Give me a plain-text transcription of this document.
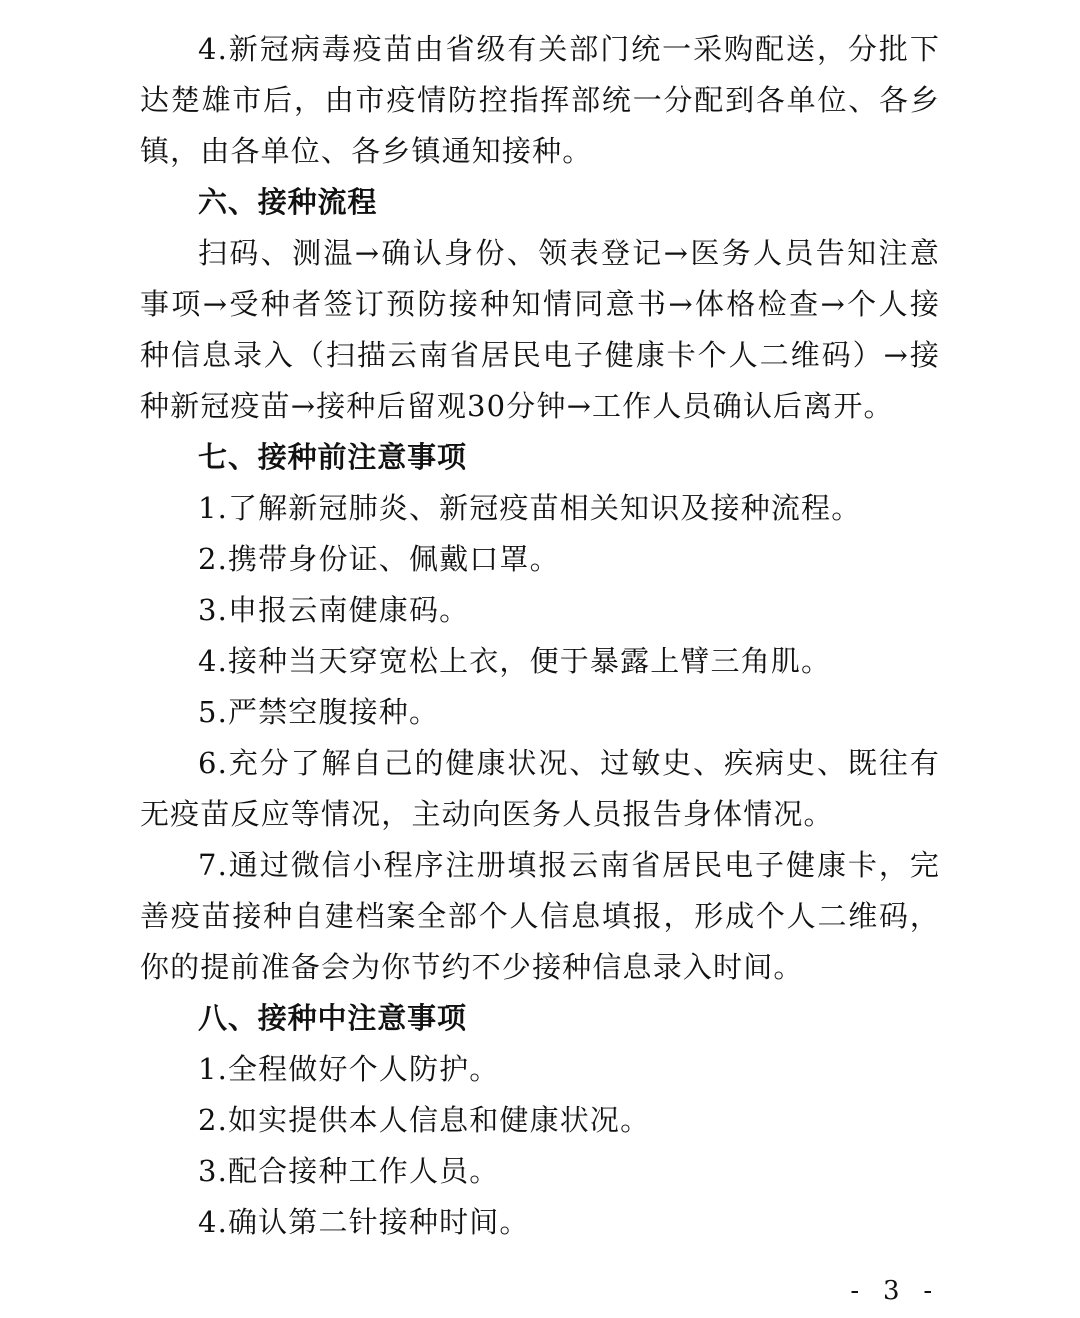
4.新冠病毒疫苗由省级有关部门统一采购配送，分批下达楚雄市后，由市疫情防控指挥部统一分配到各单位、各乡镇，由各单位、各乡镇通知接种。

六、接种流程

扫码、测温→确认身份、领表登记→医务人员告知注意事项→受种者签订预防接种知情同意书→体格检查→个人接种信息录入（扫描云南省居民电子健康卡个人二维码）→接种新冠疫苗→接种后留观30分钟→工作人员确认后离开。

七、接种前注意事项

1.了解新冠肺炎、新冠疫苗相关知识及接种流程。

2.携带身份证、佩戴口罩。

3.申报云南健康码。

4.接种当天穿宽松上衣，便于暴露上臂三角肌。

5.严禁空腹接种。

6.充分了解自己的健康状况、过敏史、疾病史、既往有无疫苗反应等情况，主动向医务人员报告身体情况。

7.通过微信小程序注册填报云南省居民电子健康卡，完善疫苗接种自建档案全部个人信息填报，形成个人二维码，你的提前准备会为你节约不少接种信息录入时间。

八、接种中注意事项

1.全程做好个人防护。

2.如实提供本人信息和健康状况。

3.配合接种工作人员。

4.确认第二针接种时间。

- 3 -
